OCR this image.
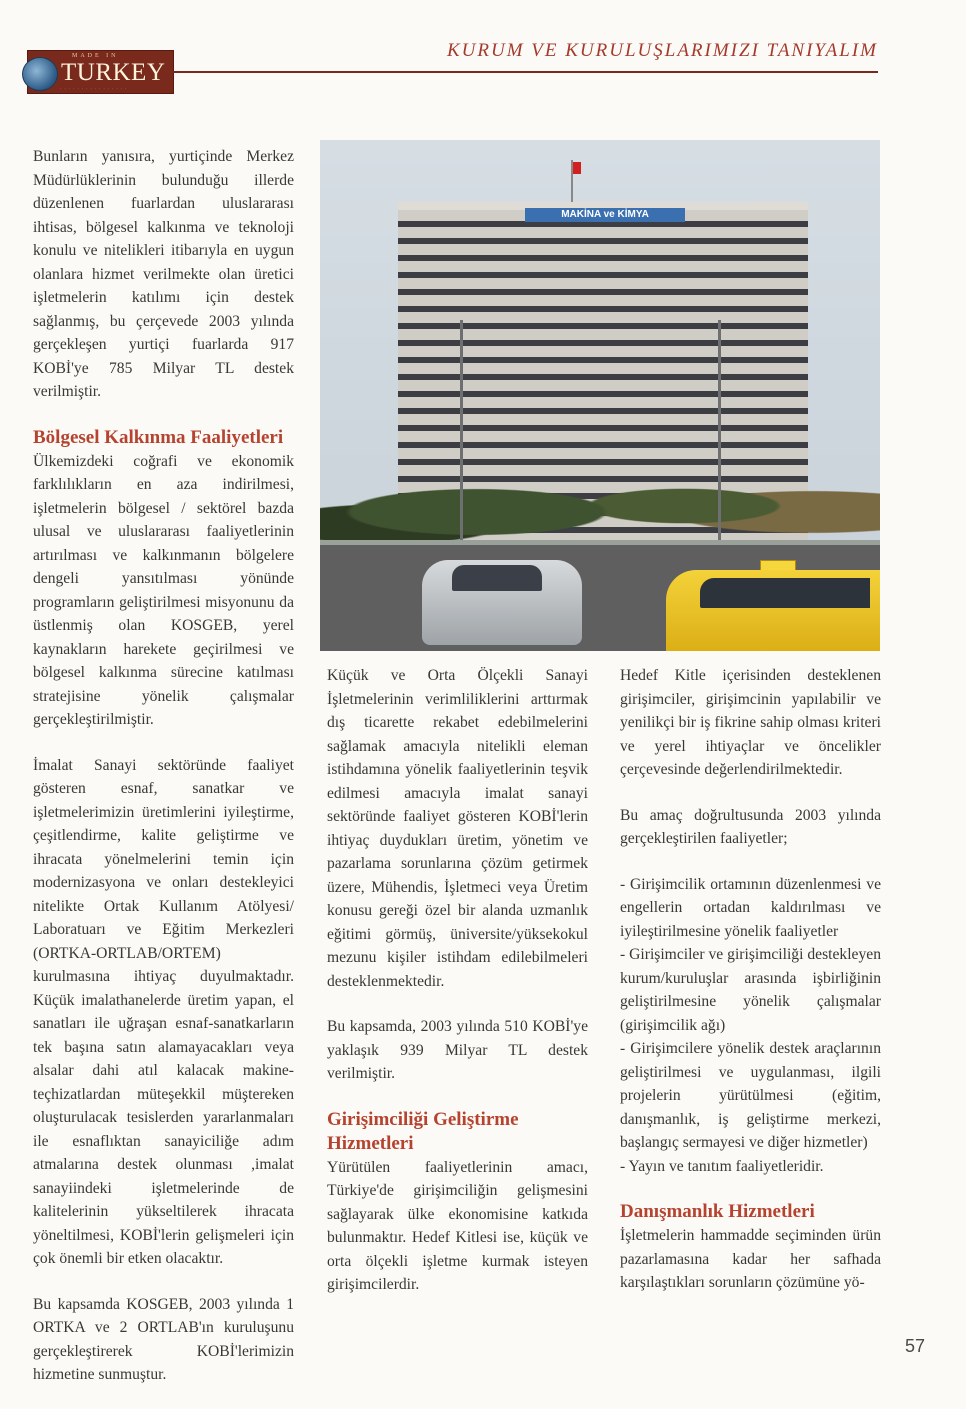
MADE IN
TURKEY
· · · · · · · · · · · · · · · ·
KURUM VE KURULUŞLARIMIZI TANIYALIM

Bunların yanısıra, yurtiçinde Merkez Müdürlüklerinin bulunduğu illerde düzenlenen fuarlardan uluslararası ihtisas, bölgesel kalkınma ve teknoloji konulu ve nitelikleri itibarıyla en uygun olanlara hizmet verilmekte olan üretici işletmelerin katılımı için destek sağlanmış, bu çerçevede 2003 yılında gerçekleşen yurtiçi fuarlarda 917 KOBİ'ye 785 Milyar TL destek verilmiştir.

Bölgesel Kalkınma Faaliyetleri

Ülkemizdeki coğrafi ve ekonomik farklılıkların en aza indirilmesi, işletmelerin bölgesel / sektörel bazda ulusal ve uluslararası faaliyetlerinin artırılması ve kalkınmanın bölgelere dengeli yansıtılması yönünde programların geliştirilmesi misyonunu da üstlenmiş olan KOSGEB, yerel kaynakların harekete geçirilmesi ve bölgesel kalkınma sürecine katılması stratejisine yönelik çalışmalar gerçekleştirilmiştir.

İmalat Sanayi sektöründe faaliyet gösteren esnaf, sanatkar ve işletmelerimizin üretimlerini iyileştirme, çeşitlendirme, kalite geliştirme ve ihracata yönelmelerini temin için modernizasyona ve onları destekleyici nitelikte Ortak Kullanım Atölyesi/ Laboratuarı ve Eğitim Merkezleri (ORTKA-ORTLAB/ORTEM) kurulmasına ihtiyaç duyulmaktadır. Küçük imalathanelerde üretim yapan, el sanatları ile uğraşan esnaf-sanatkarların tek başına satın alamayacakları veya alsalar dahi atıl kalacak makine-teçhizatlardan müteşekkil müştereken oluşturulacak tesislerden yararlanmaları ile esnaflıktan sanayiciliğe adım atmalarına destek olunması ,imalat sanayiindeki işletmelerinde de kalitelerinin yükseltilerek ihracata yöneltilmesi, KOBİ'lerin gelişmeleri için çok önemli bir etken olacaktır.

Bu kapsamda KOSGEB, 2003 yılında 1 ORTKA ve 2 ORTLAB'ın kuruluşunu gerçekleştirerek KOBİ'lerimizin hizmetine sunmuştur.

MAKİNA ve KİMYA

Küçük ve Orta Ölçekli Sanayi İşletmelerinin verimliliklerini arttırmak dış ticarette rekabet edebilmelerini sağlamak amacıyla nitelikli eleman istihdamına yönelik faaliyetlerinin teşvik edilmesi amacıyla imalat sanayi sektöründe faaliyet gösteren KOBİ'lerin ihtiyaç duydukları üretim, yönetim ve pazarlama sorunlarına çözüm getirmek üzere, Mühendis, İşletmeci veya Üretim konusu gereği özel bir alanda uzmanlık eğitimi görmüş, üniversite/yüksekokul mezunu kişiler istihdam edilebilmeleri desteklenmektedir.

Bu kapsamda, 2003 yılında 510 KOBİ'ye yaklaşık 939 Milyar TL destek verilmiştir.

Girişimciliği Geliştirme Hizmetleri

Yürütülen faaliyetlerinin amacı, Türkiye'de girişimciliğin gelişmesini sağlayarak ülke ekonomisine katkıda bulunmaktır. Hedef Kitlesi ise, küçük ve orta ölçekli işletme kurmak isteyen girişimcilerdir.

Hedef Kitle içerisinden desteklenen girişimciler, girişimcinin yapılabilir ve yenilikçi bir iş fikrine sahip olması kriteri ve yerel ihtiyaçlar ve öncelikler çerçevesinde değerlendirilmektedir.

Bu amaç doğrultusunda 2003 yılında gerçekleştirilen faaliyetler;

- Girişimcilik ortamının düzenlenmesi ve engellerin ortadan kaldırılması ve iyileştirilmesine yönelik faaliyetler
- Girişimciler ve girişimciliği destekleyen kurum/kuruluşlar arasında işbirliğinin geliştirilmesine yönelik çalışmalar (girişimcilik ağı)
- Girişimcilere yönelik destek araçlarının geliştirilmesi ve uygulanması, ilgili projelerin yürütülmesi (eğitim, danışmanlık, iş geliştirme merkezi, başlangıç sermayesi ve diğer hizmetler)
- Yayın ve tanıtım faaliyetleridir.
Danışmanlık Hizmetleri

İşletmelerin hammadde seçiminden ürün pazarlamasına kadar her safhada karşılaştıkları sorunların çözümüne yö-

57
